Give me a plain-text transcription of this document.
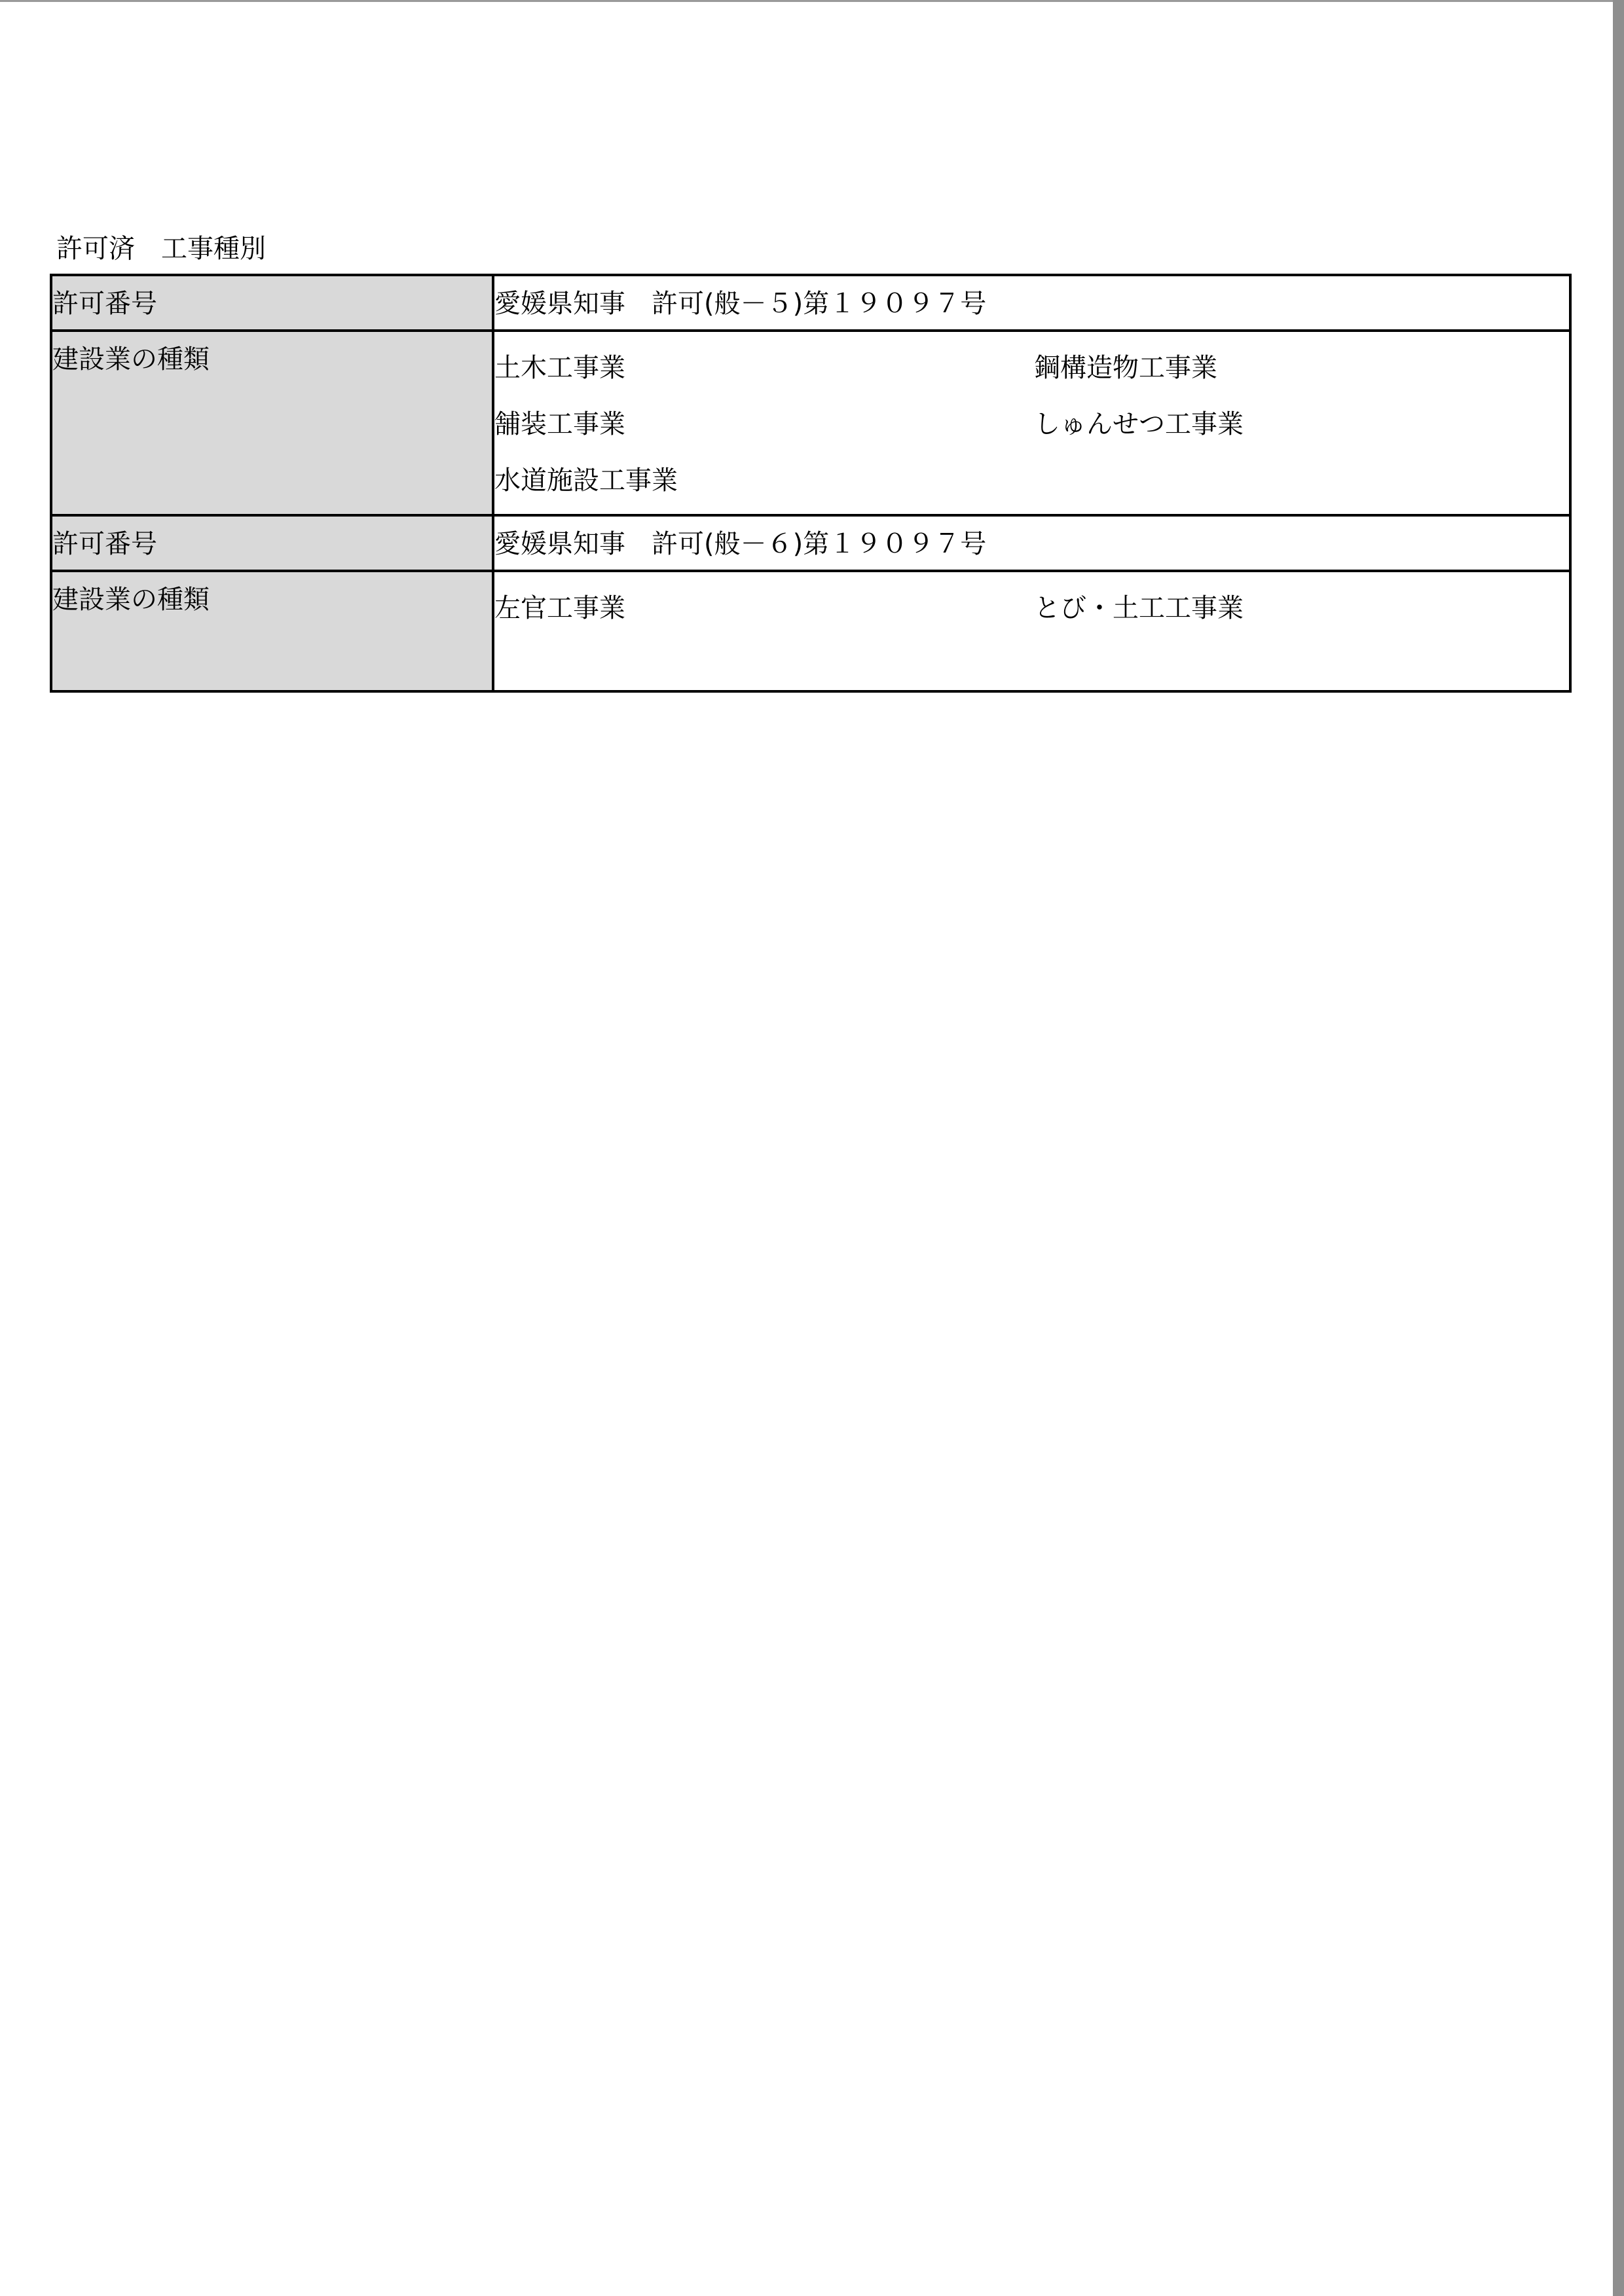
許可済　工事種別
許可番号	愛媛県知事　許可(般－５)第１９０９７号

建設業の種類	土木工事業 鋼構造物工事業
舗装工事業 しゅんせつ工事業
水道施設工事業

許可番号	愛媛県知事　許可(般－６)第１９０９７号

建設業の種類	左官工事業 とび・土工工事業
